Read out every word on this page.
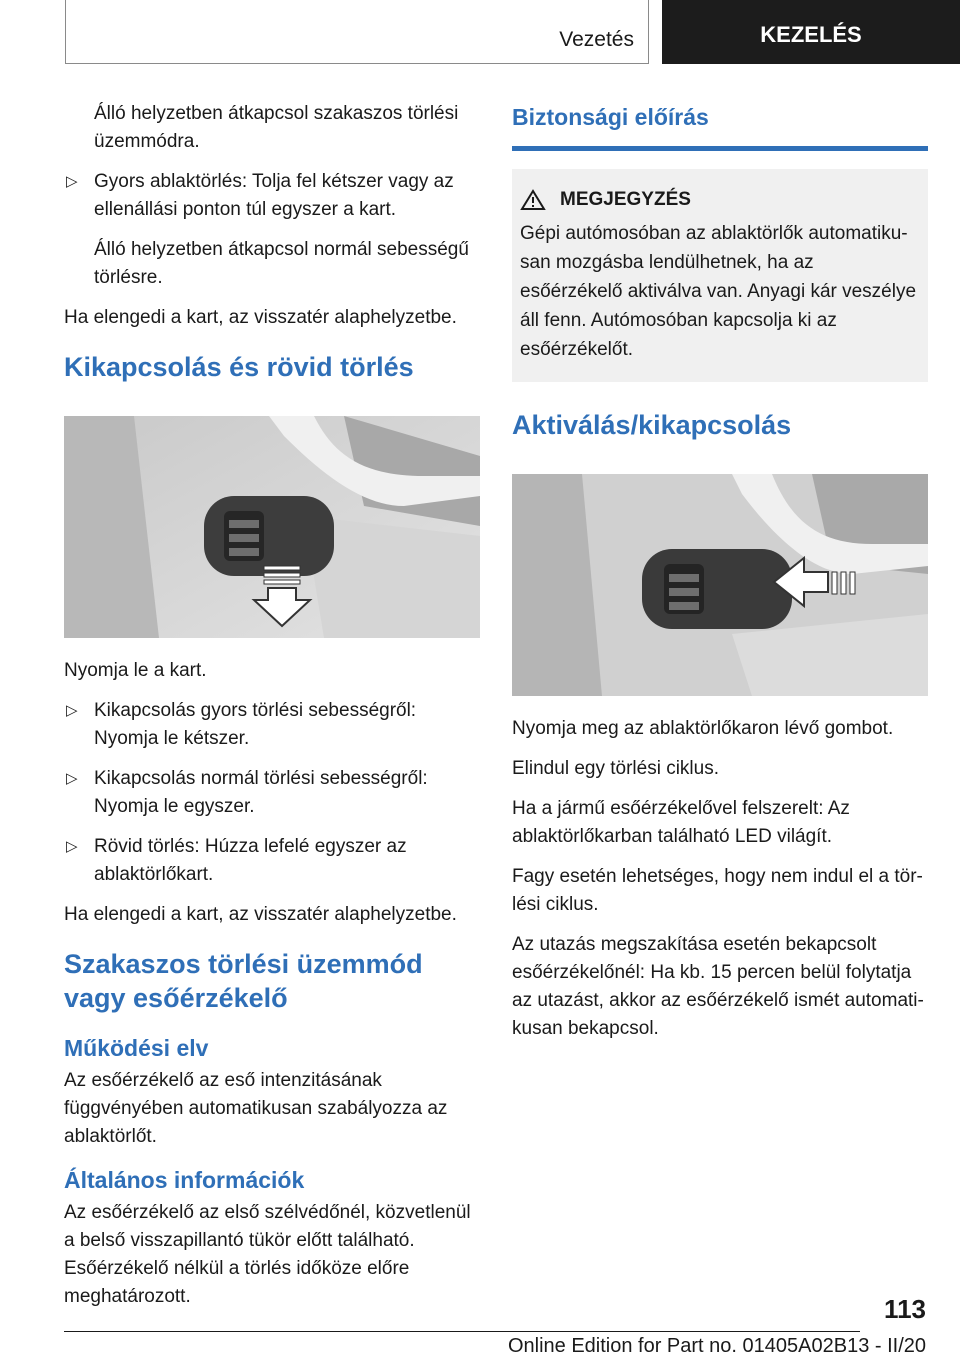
Vezetés	KEZELÉS

Álló helyzetben átkapcsol szakaszos törlési üzemmódra.

▷ Gyors ablaktörlés: Tolja fel kétszer vagy az ellenállási ponton túl egyszer a kart.

Álló helyzetben átkapcsol normál sebességű törlésre.

Ha elengedi a kart, az visszatér alaphelyzetbe.

Kikapcsolás és rövid törlés

Nyomja le a kart.

▷ Kikapcsolás gyors törlési sebességről: Nyomja le kétszer.

▷ Kikapcsolás normál törlési sebességről: Nyomja le egyszer.

▷ Rövid törlés: Húzza lefelé egyszer az ablaktörlőkart.

Ha elengedi a kart, az visszatér alaphelyzetbe.

Szakaszos törlési üzemmód vagy esőérzékelő
Működési elv

Az esőérzékelő az eső intenzitásának függvényében automatikusan szabályozza az ablaktörlőt.

Általános információk

Az esőérzékelő az első szélvédőnél, közvetlenül a belső visszapillantó tükör előtt található. Esőérzékelő nélkül a törlés időköze előre meghatározott.

Biztonsági előírás
MEGJEGYZÉS

Gépi autómosóban az ablaktörlők automatikusan mozgásba lendülhetnek, ha az esőérzékelő aktiválva van. Anyagi kár veszélye áll fenn. Autómosóban kapcsolja ki az esőérzékelőt.

Aktiválás/kikapcsolás

Nyomja meg az ablaktörlőkaron lévő gombot.

Elindul egy törlési ciklus.

Ha a jármű esőérzékelővel felszerelt: Az ablaktörlőkarban található LED világít.

Fagy esetén lehetséges, hogy nem indul el a törlési ciklus.

Az utazás megszakítása esetén bekapcsolt esőérzékelőnél: Ha kb. 15 percen belül folytatja az utazást, akkor az esőérzékelő ismét automatikusan bekapcsol.

113
Online Edition for Part no. 01405A02B13 - II/20
